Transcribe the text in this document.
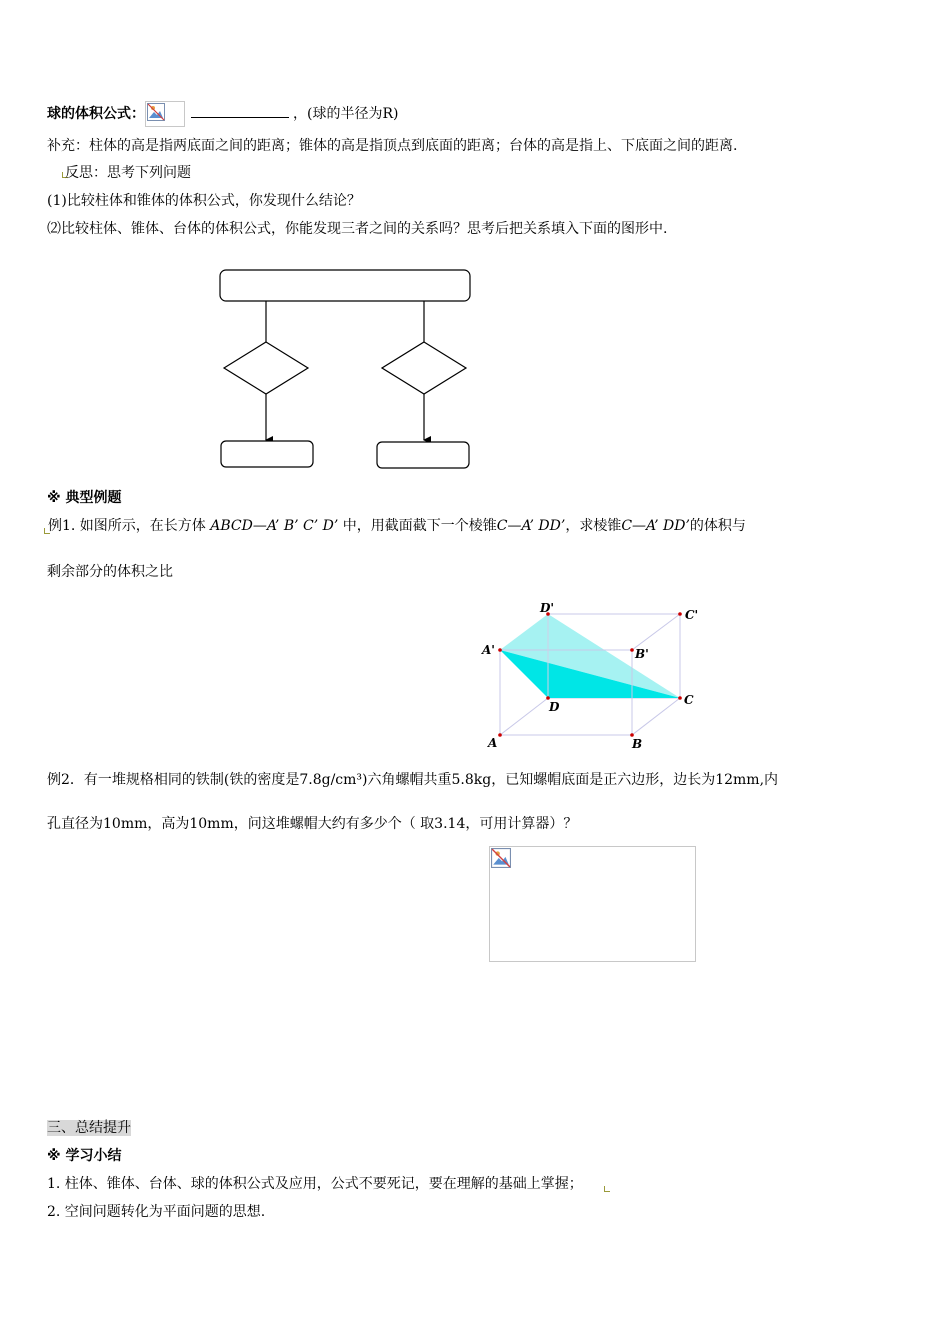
球的体积公式：	，(球的半径为R)
补充：柱体的高是指两底面之间的距离；锥体的高是指顶点到底面的距离；台体的高是指上、下底面之间的距离.
反思：思考下列问题
(1)比较柱体和锥体的体积公式，你发现什么结论？
⑵比较柱体、锥体、台体的体积公式，你能发现三者之间的关系吗？思考后把关系填入下面的图形中.
※ 典型例题
例1. 如图所示，在长方体 ABCD—A’ B’ C’ D’ 中，用截面截下一个棱锥C—A’ DD’，求棱锥C—A’ DD’的体积与
剩余部分的体积之比
D'	C'
A'	B'
D	C
A	B
例2．有一堆规格相同的铁制(铁的密度是7.8g/cm³)六角螺帽共重5.8kg，已知螺帽底面是正六边形，边长为12mm,内
孔直径为10mm，高为10mm，问这堆螺帽大约有多少个（ 取3.14，可用计算器）？
三、总结提升
※ 学习小结
1. 柱体、锥体、台体、球的体积公式及应用，公式不要死记，要在理解的基础上掌握；
2. 空间问题转化为平面问题的思想.
